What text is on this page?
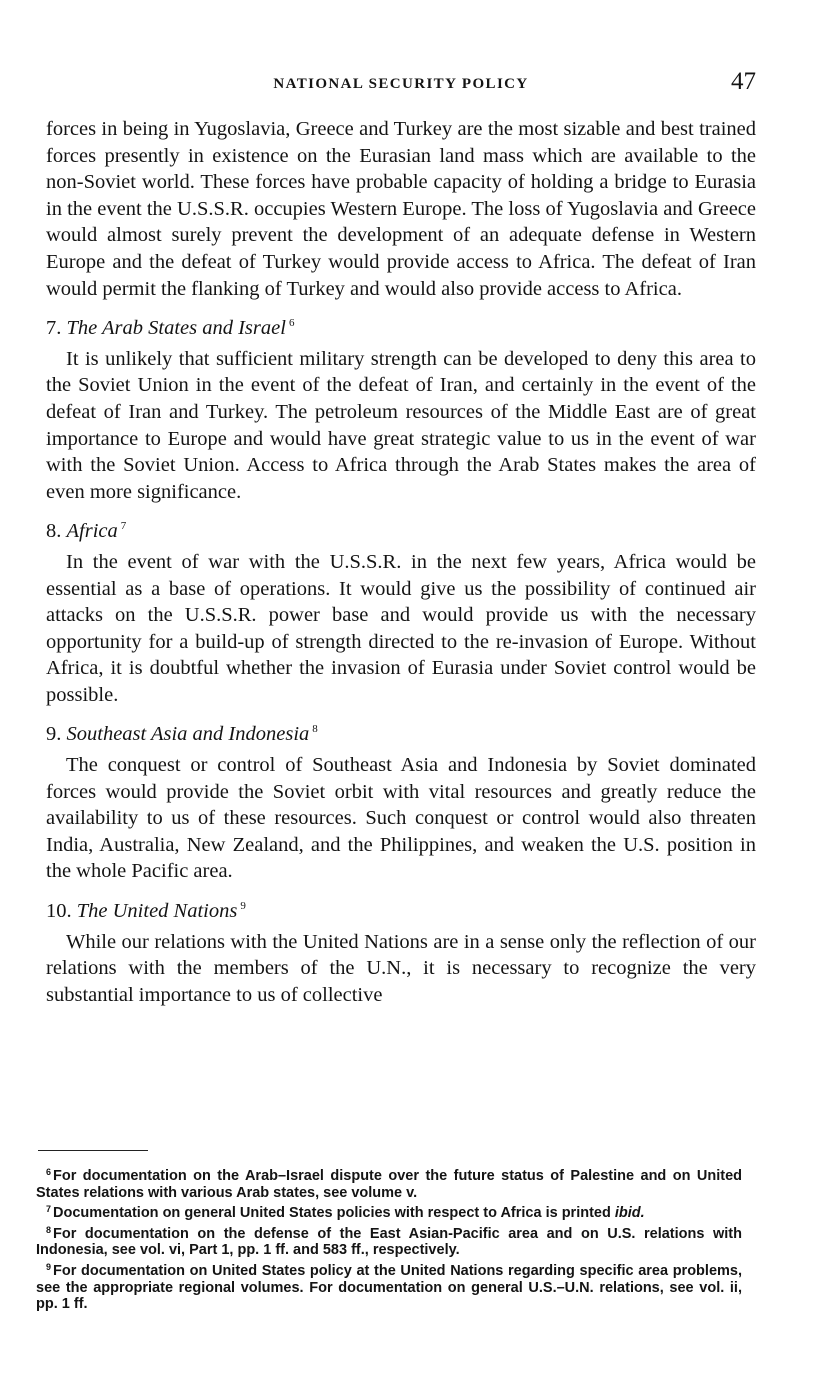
NATIONAL SECURITY POLICY	47

forces in being in Yugoslavia, Greece and Turkey are the most sizable and best trained forces presently in existence on the Eurasian land mass which are available to the non-Soviet world. These forces have probable capacity of holding a bridge to Eurasia in the event the U.S.S.R. occupies Western Europe. The loss of Yugoslavia and Greece would almost surely prevent the development of an adequate defense in Western Europe and the defeat of Turkey would provide access to Africa. The defeat of Iran would permit the flanking of Turkey and would also provide access to Africa.

7. The Arab States and Israel $^6$

It is unlikely that sufficient military strength can be developed to deny this area to the Soviet Union in the event of the defeat of Iran, and certainly in the event of the defeat of Iran and Turkey. The petroleum resources of the Middle East are of great importance to Europe and would have great strategic value to us in the event of war with the Soviet Union. Access to Africa through the Arab States makes the area of even more significance.

8. Africa $^7$

In the event of war with the U.S.S.R. in the next few years, Africa would be essential as a base of operations. It would give us the possibility of continued air attacks on the U.S.S.R. power base and would provide us with the necessary opportunity for a build-up of strength directed to the re-invasion of Europe. Without Africa, it is doubtful whether the invasion of Eurasia under Soviet control would be possible.

9. Southeast Asia and Indonesia $^8$

The conquest or control of Southeast Asia and Indonesia by Soviet dominated forces would provide the Soviet orbit with vital resources and greatly reduce the availability to us of these resources. Such conquest or control would also threaten India, Australia, New Zealand, and the Philippines, and weaken the U.S. position in the whole Pacific area.

10. The United Nations $^9$

While our relations with the United Nations are in a sense only the reflection of our relations with the members of the U.N., it is necessary to recognize the very substantial importance to us of collective

$^6$ For documentation on the Arab–Israel dispute over the future status of Palestine and on United States relations with various Arab states, see volume v.

$^7$ Documentation on general United States policies with respect to Africa is printed ibid.

$^8$ For documentation on the defense of the East Asian-Pacific area and on U.S. relations with Indonesia, see vol. vi, Part 1, pp. 1 ff. and 583 ff., respectively.

$^9$ For documentation on United States policy at the United Nations regarding specific area problems, see the appropriate regional volumes. For documentation on general U.S.–U.N. relations, see vol. ii, pp. 1 ff.
